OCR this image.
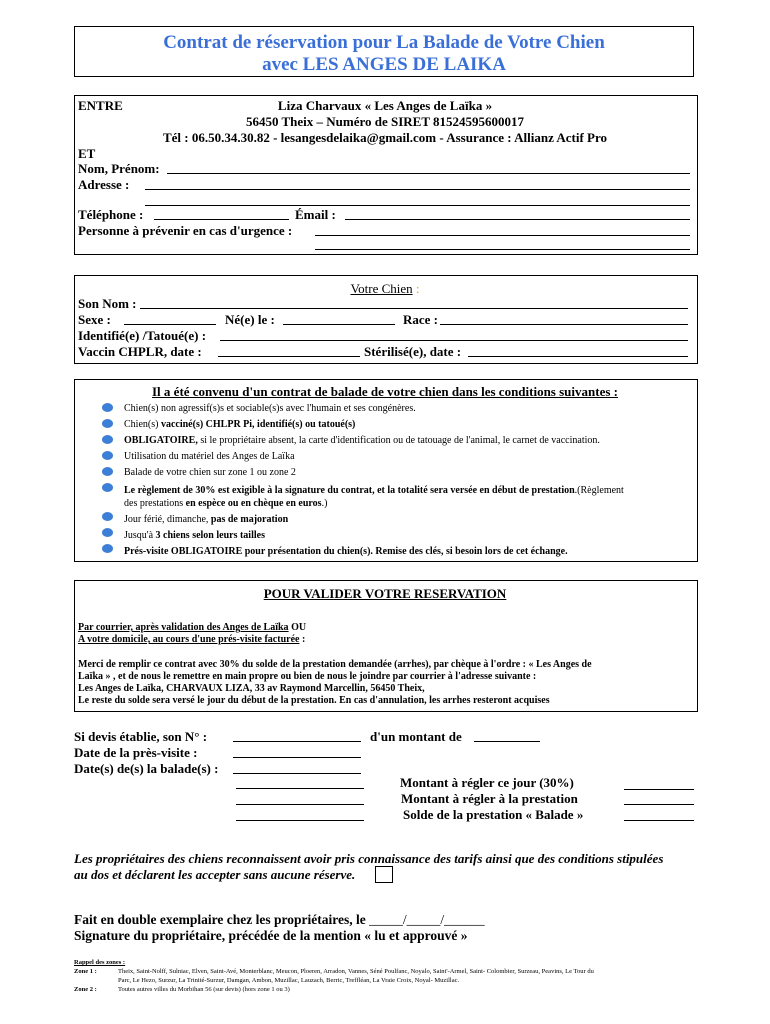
Contrat de réservation pour La Balade de Votre Chien
avec LES ANGES DE LAIKA
ENTRE	Liza Charvaux « Les Anges de Laïka »
56450 Theix – Numéro de SIRET 81524595600017
Tél : 06.50.34.30.82 - lesangesdelaika@gmail.com - Assurance : Allianz Actif Pro
ET
Nom, Prénom:
Adresse :
Téléphone :	Émail :
Personne à prévenir en cas d'urgence :
Votre Chien :
Son Nom :
Sexe :	Né(e) le :	Race :
Identifié(e) /Tatoué(e) :
Vaccin CHPLR, date :	Stérilisé(e), date :
Il a été convenu d'un contrat de balade de votre chien dans les conditions suivantes :
Chien(s) non agressif(s)s et sociable(s)s avec l'humain et ses congénères.
Chien(s) vacciné(s) CHLPR Pi, identifié(s) ou tatoué(s)
OBLIGATOIRE, si le propriétaire absent, la carte d'identification ou de tatouage de l'animal, le carnet de vaccination.
Utilisation du matériel des Anges de Laïka
Balade de votre chien sur zone 1 ou zone 2
Le règlement de 30% est exigible à la signature du contrat, et la totalité sera versée en début de prestation.(Règlement
des prestations en espèce ou en chèque en euros.)
Jour férié, dimanche, pas de majoration
Jusqu'à 3 chiens selon leurs tailles
Prés-visite OBLIGATOIRE pour présentation du chien(s). Remise des clés, si besoin lors de cet échange.
POUR VALIDER VOTRE RESERVATION
Par courrier, après validation des Anges de Laïka OU
A votre domicile, au cours d'une prés-visite facturée :
Merci de remplir ce contrat avec 30% du solde de la prestation demandée (arrhes), par chèque à l'ordre : « Les Anges de
Laïka » , et de nous le remettre en main propre ou bien de nous le joindre par courrier à l'adresse suivante :
Les Anges de Laïka, CHARVAUX LIZA, 33 av Raymond Marcellin, 56450 Theix,
Le reste du solde sera versé le jour du début de la prestation. En cas d'annulation, les arrhes resteront acquises
Si devis établie, son N° :	d'un montant de
Date de la près-visite :
Date(s) de(s) la balade(s) :
Montant à régler ce jour (30%)
Montant à régler à la prestation
Solde de la prestation « Balade »
Les propriétaires des chiens reconnaissent avoir pris connaissance des tarifs ainsi que des conditions stipulées
au dos et déclarent les accepter sans aucune réserve.
Fait en double exemplaire chez les propriétaires, le _____/_____/______
Signature du propriétaire, précédée de la mention « lu et approuvé »
Rappel des zones :
Zone 1 :	Theix, Saint-Nolff, Sulniac, Elven, Saint-Avé, Monterblanc, Meucon, Ploeren, Arradon, Vannes, Séné Poulfanc, Noyalo, Saint'-Armel, Saint- Colombier, Surzeau, Peavins, Le Tour du
Parc, Le Hezo, Surzur, La Trinité-Surzur, Damgan, Ambon, Muzillac, Lauzach, Berric, Treffléan, La Vraie Croix, Noyal- Muzillac.
Zone 2 :	Toutes autres villes du Morbihan 56 (sur devis) (hors zone 1 ou 3)
